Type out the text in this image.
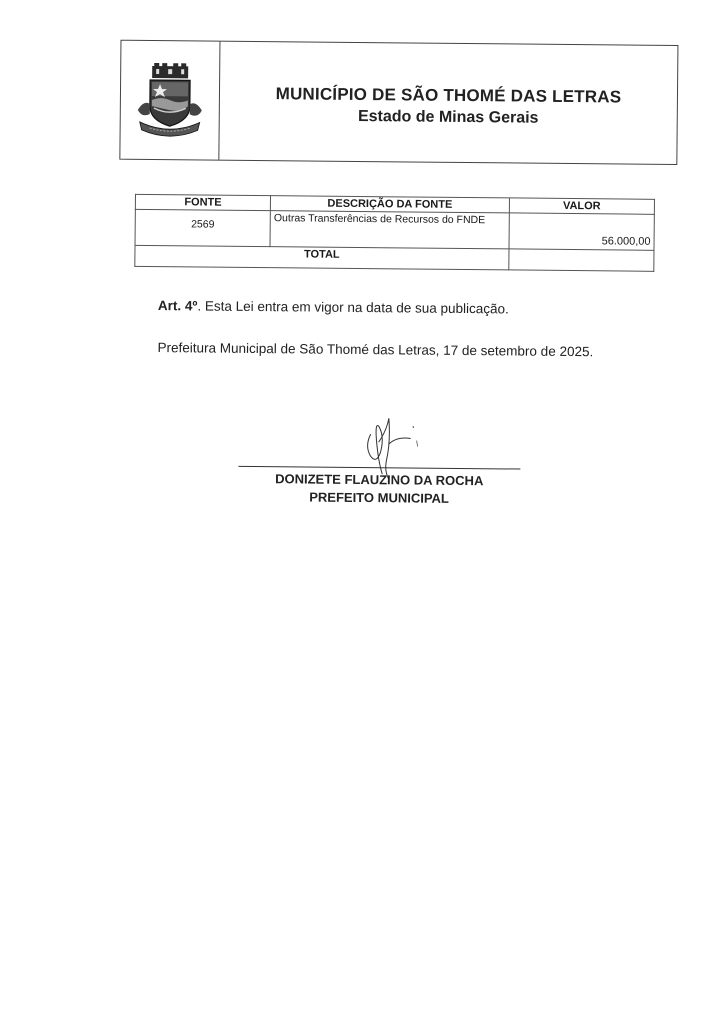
MUNICÍPIO DE SÃO THOMÉ DAS LETRAS
Estado de Minas Gerais
FONTE	DESCRIÇÃO DA FONTE	VALOR
2569	Outras Transferências de Recursos do FNDE	56.000,00
TOTAL		
Art. 4º. Esta Lei entra em vigor na data de sua publicação.
Prefeitura Municipal de São Thomé das Letras, 17 de setembro de 2025.
DONIZETE FLAUZINO DA ROCHA
PREFEITO MUNICIPAL
